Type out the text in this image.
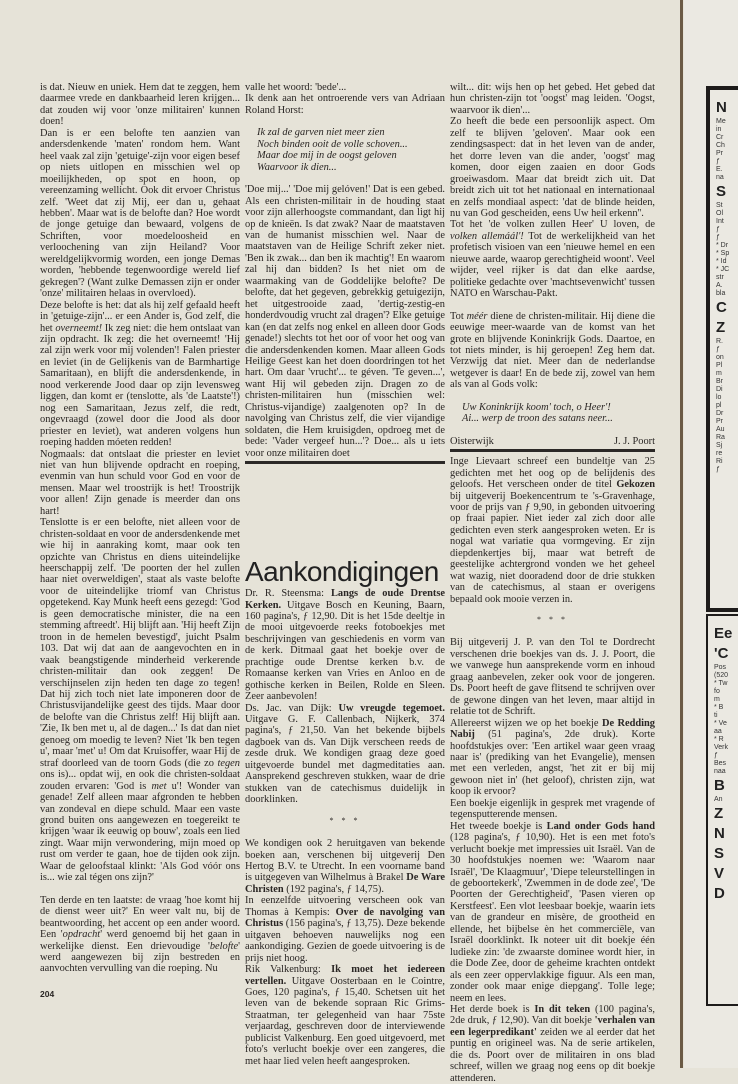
is dat. Nieuw en uniek. Hem dat te zeggen, hem daarmee vrede en dankbaarheid leren krijgen... dat zouden wij voor 'onze militairen' kunnen doen!

Dan is er een belofte ten aanzien van andersdenkende 'maten' rondom hem. Want heel vaak zal zijn 'getuige'-zijn voor eigen besef op niets uitlopen en misschien wel op moeilijkheden, op spot en hoon, op vereenzaming wellicht. Ook dit ervoer Christus zelf. 'Weet dat zij Mij, eer dan u, gehaat hebben'. Maar wat is de belofte dan? Hoe wordt de jonge getuige dan bewaard, volgens de Schriften, voor moedeloosheid en verloochening van zijn Heiland? Voor wereldgelijkvormig worden, een jonge Demas worden, 'hebbende tegenwoordige wereld lief gekregen'? (Want zulke Demassen zijn er onder 'onze' militairen helaas in overvloed).

Deze belofte is het: dat als hij zelf gefaald heeft in 'getuige-zijn'... er een Ander is, God zelf, die het overneemt! Ik zeg niet: die hem ontslaat van zijn opdracht. Ik zeg: die het overneemt! 'Hij zal zijn werk voor mij volenden'! Falen priester en leviet (in de Gelijkenis van de Barmhartige Samaritaan), en blijft die andersdenkende, in nood verkerende Jood daar op zijn levensweg liggen, dan komt er (tenslotte, als 'de Laatste'!) nog een Samaritaan, Jezus zelf, die redt, ongevraagd (zowel door die Jood als door priester en leviet), wat anderen volgens hun roeping hadden móeten redden!

Nogmaals: dat ontslaat die priester en leviet niet van hun blijvende opdracht en roeping, evenmin van hun schuld voor God en voor de mensen. Maar wel troostrijk is het! Troostrijk voor allen! Zijn genade is meerder dan ons hart!

Tenslotte is er een belofte, niet alleen voor de christen-soldaat en voor de andersdenkende met wie hij in aanraking komt, maar ook ten opzichte van Christus en diens uiteindelijke heerschappij zelf. 'De poorten der hel zullen haar niet overweldigen', staat als vaste belofte voor de uiteindelijke triomf van Christus opgetekend. Kay Munk heeft eens gezegd: 'God is geen democratische minister, die na een stemming aftreedt'. Hij blijft aan. 'Hij heeft Zijn troon in de hemelen bevestigd', juicht Psalm 103. Dat wij dat aan de aangevochten en in vaak beangstigende minderheid verkerende christen-militair dan ook zeggen! De verschijnselen zijn heden ten dage zo tegen! Dat hij zich toch niet late imponeren door de Christusvijandelijke geest des tijds. Maar door de belofte van die Christus zelf! Hij blijft aan. 'Zie, Ik ben met u, al de dagen...' Is dat dan niet genoeg om moedig te leven? Niet 'Ik ben tegen u', maar 'met' u! Om dat Kruisoffer, waar Hij de straf doorleed van de toorn Gods (die zo tegen ons is)... opdat wij, en ook die christen-soldaat zouden ervaren: 'God is met u'! Wonder van genade! Zelf alleen maar afgronden te hebben van zondeval en diepe schuld. Maar een vaste grond buiten ons aangewezen en toegereikt te krijgen 'waar ik eeuwig op bouw', zoals een lied zingt. Waar mijn verwondering, mijn moed op rust om verder te gaan, hoe de tijden ook zijn. Waar de geloofstaal klinkt: 'Als God vóór ons is... wie zal tégen ons zijn?'

Ten derde en ten laatste: de vraag 'hoe komt hij de dienst weer uit?' En weer valt nu, bij de beantwoording, het accent op een ander woord. Een 'opdracht' werd genoemd bij het gaan in werkelijke dienst. Een drievoudige 'belofte' werd aangewezen bij zijn bestreden en aanvochten vervulling van die roeping. Nu

204

valle het woord: 'bede'...

Ik denk aan het ontroerende vers van Adriaan Roland Horst:

Ik zal de garven niet meer zien
Noch binden ooit de volle schoven...
Maar doe mij in de oogst geloven
Waarvoor ik dien...

'Doe mij...' 'Doe mij gelóven!' Dat is een gebed. Als een christen-militair in de houding staat voor zijn allerhoogste commandant, dan ligt hij op de knieën. Is dat zwak? Naar de maatstaven van de humanist misschien wel. Naar de maatstaven van de Heilige Schrift zeker niet. 'Ben ik zwak... dan ben ik machtig'! En waarom zal hij dan bidden? Is het niet om de waarmaking van de Goddelijke belofte? De belofte, dat het gegeven, gebrekkig getuigezijn, het uitgestrooide zaad, 'dertig-zestig-en honderdvoudig vrucht zal dragen'? Elke getuige kan (en dat zelfs nog enkel en alleen door Gods genade!) slechts tot het oor of voor het oog van die andersdenkenden komen. Maar alleen Gods Heilige Geest kan het doen doordringen tot het hart. Om daar 'vrucht'... te géven. 'Te geven...', want Hij wil gebeden zijn. Dragen zo de christen-militairen hun (misschien wel: Christus-vijandige) zaalgenoten op? In de navolging van Christus zelf, die vier vijandige soldaten, die Hem kruisigden, opdroeg met de bede: 'Vader vergeef hun...'? Doe... als u iets voor onze militairen doet

Aankondigingen

Dr. R. Steensma: Langs de oude Drentse Kerken. Uitgave Bosch en Keuning, Baarn, 160 pagina's, ƒ 12,90. Dit is het 15de deeltje in de mooi uitgevoerde reeks fotoboekjes met beschrijvingen van geschiedenis en vorm van de kerk. Ditmaal gaat het boekje over de prachtige oude Drentse kerken b.v. de Romaanse kerken van Vries en Anloo en de gothische kerken in Beilen, Rolde en Sleen. Zeer aanbevolen!

Ds. Jac. van Dijk: Uw vreugde tegemoet. Uitgave G. F. Callenbach, Nijkerk, 374 pagina's, ƒ 21,50. Van het bekende bijbels dagboek van ds. Van Dijk verscheen reeds de zesde druk. We kondigen graag deze goed uitgevoerde bundel met dagmeditaties aan. Aansprekend geschreven stukken, waar de drie stukken van de catechismus duidelijk in doorklinken.

* * *

We kondigen ook 2 heruitgaven van bekende boeken aan, verschenen bij uitgeverij Den Hertog B.V. te Utrecht. In een voorname band is uitgegeven van Wilhelmus à Brakel De Ware Christen (192 pagina's, ƒ 14,75).

In eenzelfde uitvoering verscheen ook van Thomas à Kempis: Over de navolging van Christus (156 pagina's, ƒ 13,75). Deze bekende uitgaven behoeven nauwelijks nog een aankondiging. Gezien de goede uitvoering is de prijs niet hoog.

Rik Valkenburg: Ik moet het iedereen vertellen. Uitgave Oosterbaan en le Cointre, Goes, 120 pagina's, ƒ 15,40. Schetsen uit het leven van de bekende sopraan Ric Grims-Straatman, ter gelegenheid van haar 75ste verjaardag, geschreven door de interviewende publicist Valkenburg. Een goed uitgevoerd, met foto's verlucht boekje over een zangeres, die met haar lied velen heeft aangesproken.

wilt... dit: wijs hen op het gebed. Het gebed dat hun christen-zijn tot 'oogst' mag leiden. 'Oogst, waarvoor ik dien'...

Zo heeft die bede een persoonlijk aspect. Om zelf te blijven 'geloven'. Maar ook een zendingsaspect: dat in het leven van de ander, het dorre leven van die ander, 'oogst' mag komen, door eigen zaaien en door Gods groeiwasdom. Maar dat breidt zich uit. Dat breidt zich uit tot het nationaal en internationaal en zelfs mondiaal aspect: 'dat de blinde heiden, nu van God gescheiden, eens Uw heil erkenn''.

Tot het 'de volken zullen Heer' U loven, de volken allemáál'! Tot de werkelijkheid van het profetisch visioen van een 'nieuwe hemel en een nieuwe aarde, waarop gerechtigheid woont'. Veel wijder, veel rijker is dat dan elke aardse, politieke gedachte over 'machtsevenwicht' tussen NATO en Warschau-Pakt.

Tot méér diene de christen-militair. Hij diene die eeuwige meer-waarde van de komst van het grote en blijvende Koninkrijk Gods. Daartoe, en tot niets minder, is hij geroepen! Zeg hem dat. Verzwijg dat niet. Meer dan de nederlandse wetgever is daar! En de bede zij, zowel van hem als van al Gods volk:

Uw Koninkrijk koom' toch, o Heer'!
Ai... werp de troon des satans neer...
Oisterwijk	J. J. Poort

Inge Lievaart schreef een bundeltje van 25 gedichten met het oog op de belijdenis des geloofs. Het verscheen onder de titel Gekozen bij uitgeverij Boekencentrum te 's-Gravenhage, voor de prijs van ƒ 9,90, in gebonden uitvoering op fraai papier. Niet ieder zal zich door alle gedichten even sterk aangesproken weten. Er is nogal wat variatie qua vormgeving. Er zijn diepdenkertjes bij, maar wat betreft de geestelijke achtergrond vonden we het geheel wat wazig, niet dooradend door de drie stukken van de catechismus, al staan er overigens bepaald ook mooie verzen in.

* * *

Bij uitgeverij J. P. van den Tol te Dordrecht verschenen drie boekjes van ds. J. J. Poort, die we vanwege hun aansprekende vorm en inhoud graag aanbevelen, zeker ook voor de jongeren. Ds. Poort heeft de gave flitsend te schrijven over de gewone dingen van het leven, maar altijd in relatie tot de Schrift.

Allereerst wijzen we op het boekje De Redding Nabij (51 pagina's, 2de druk). Korte hoofdstukjes over: 'Een artikel waar geen vraag naar is' (prediking van het Evangelie), mensen met een verleden, angst, 'het zit er bij mij gewoon niet in' (het geloof), christen zijn, wat koop ik ervoor?

Een boekje eigenlijk in gesprek met vragende of tegensputterende mensen.

Het tweede boekje is Land onder Gods hand (128 pagina's, ƒ 10,90). Het is een met foto's verlucht boekje met impressies uit Israël. Van de 30 hoofdstukjes noemen we: 'Waarom naar Israël', 'De Klaagmuur', 'Diepe teleurstellingen in de geboortekerk', 'Zwemmen in de dode zee', 'De Poorten der Gerechtigheid', 'Pasen vieren op Kerstfeest'. Een vlot leesbaar boekje, waarin iets van de grandeur en misère, de grootheid en ellende, het bijbelse èn het commerciële, van Israël doorklinkt. Ik noteer uit dit boekje één ludieke zin: 'de zwaarste dominee wordt hier, in die Dode Zee, door de geheime krachten ontdekt als een zeer oppervlakkige figuur. Als een man, zonder ook maar enige diepgang'. Tolle lege; neem en lees.

Het derde boek is In dit teken (100 pagina's, 2de druk, ƒ 12,90). Van dit boekje 'verhalen van een legerpredikant' zeiden we al eerder dat het puntig en origineel was. Na de serie artikelen, die ds. Poort over de militairen in ons blad schreef, willen we graag nog eens op dit boekje attenderen.

N
Me
in
Cr
Ch
Pr
ƒ
E.
na
S
St
Ol
Int
ƒ
ƒ
* Dr
* Sp
* Id
* JC
str
A.
bla
C
Z
R.
ƒ
on
Pl
m
Br
Di
lo
pl
Dr
Pr
Au
Ra
Sj
re
Ri
ƒ
Ee
'C
Pos
(520
* Tw
fo
m
* B
ti
* Ve
aa
* R
Verk
ƒ
Bes
naa
B
An
Z
N
S
V
D
